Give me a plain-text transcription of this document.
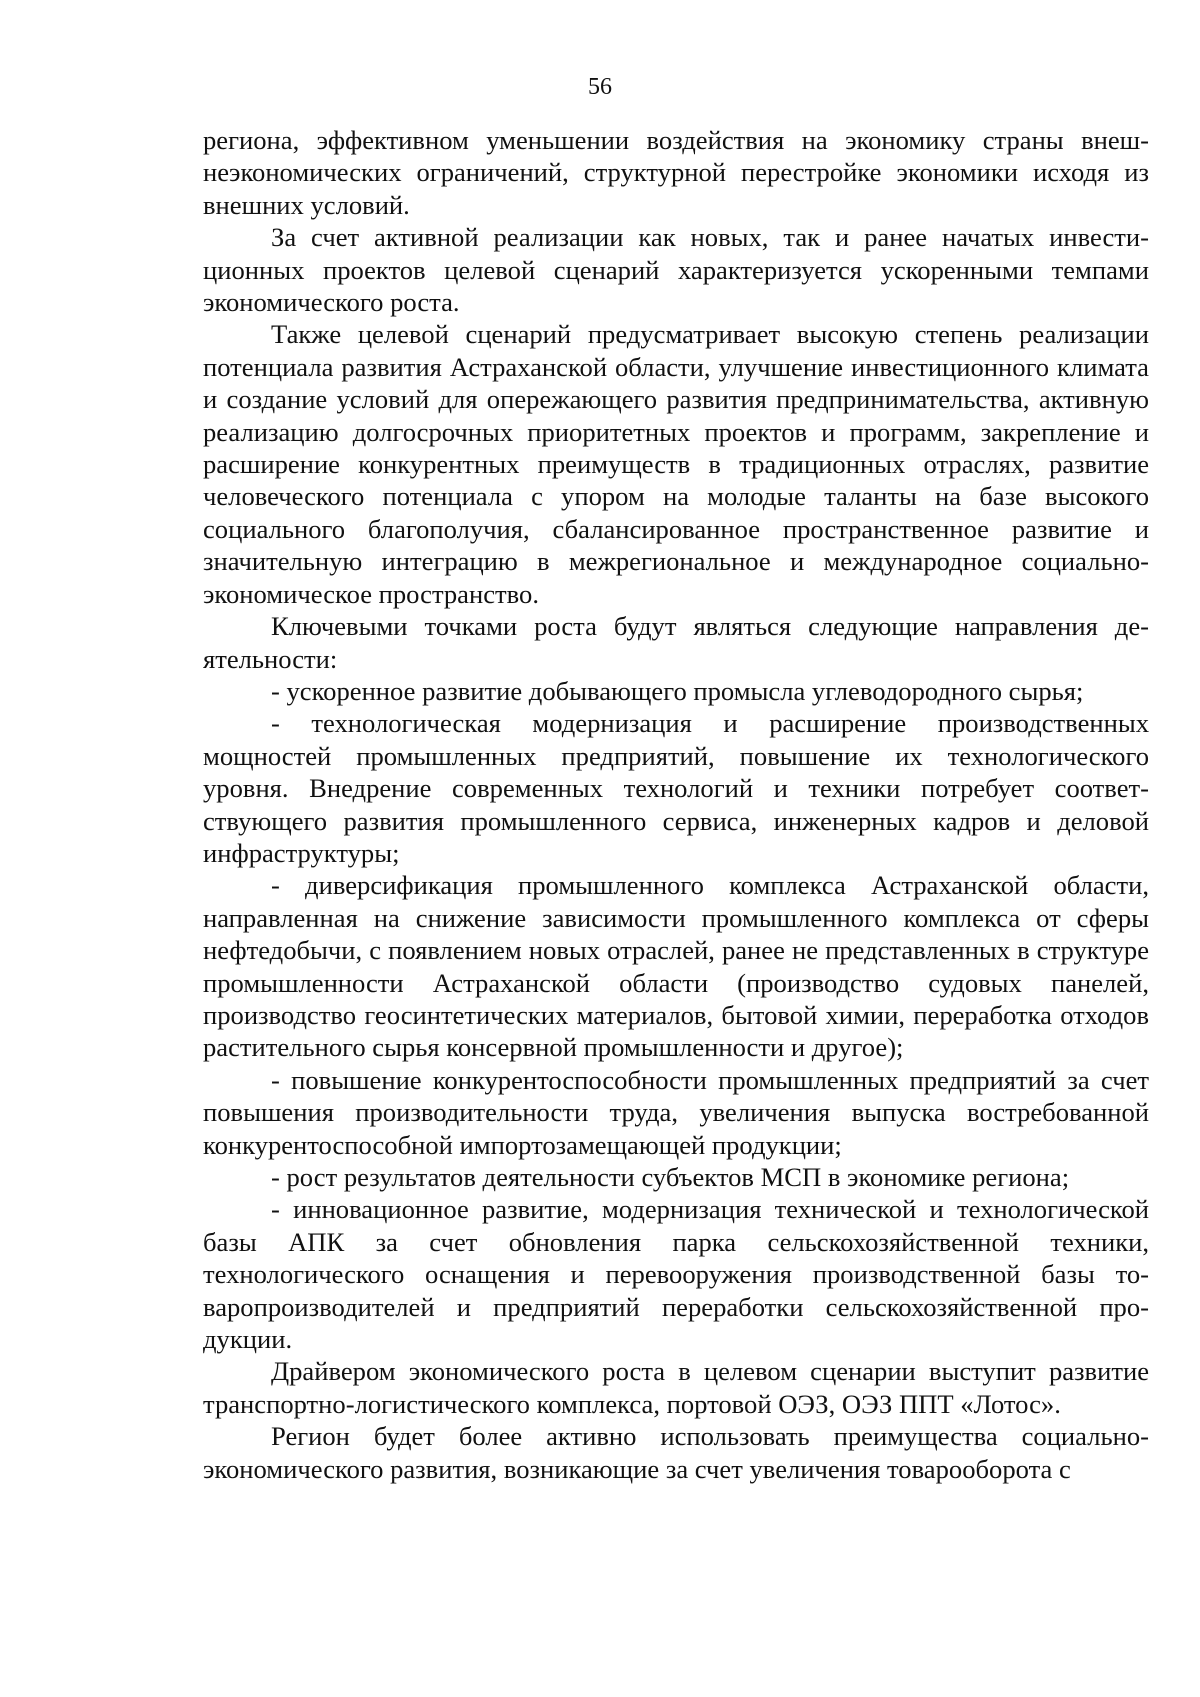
56

региона, эффективном уменьшении воздействия на экономику страны внешнеэкономических ограничений, структурной перестройке экономики исходя из внешних условий.

За счет активной реализации как новых, так и ранее начатых инвестиционных проектов целевой сценарий характеризуется ускоренными темпами экономического роста.

Также целевой сценарий предусматривает высокую степень реализации потенциала развития Астраханской области, улучшение инвестиционного климата и создание условий для опережающего развития предпринимательства, активную реализацию долгосрочных приоритетных проектов и программ, закрепление и расширение конкурентных преимуществ в традиционных отраслях, развитие человеческого потенциала с упором на молодые таланты на базе высокого социального благополучия, сбалансированное пространственное развитие и значительную интеграцию в межрегиональное и международное социально-экономическое пространство.

Ключевыми точками роста будут являться следующие направления деятельности:

- ускоренное развитие добывающего промысла углеводородного сырья;

- технологическая модернизация и расширение производственных мощностей промышленных предприятий, повышение их технологического уровня. Внедрение современных технологий и техники потребует соответствующего развития промышленного сервиса, инженерных кадров и деловой инфраструктуры;

- диверсификация промышленного комплекса Астраханской области, направленная на снижение зависимости промышленного комплекса от сферы нефтедобычи, с появлением новых отраслей, ранее не представленных в структуре промышленности Астраханской области (производство судовых панелей, производство геосинтетических материалов, бытовой химии, переработка отходов растительного сырья консервной промышленности и другое);

- повышение конкурентоспособности промышленных предприятий за счет повышения производительности труда, увеличения выпуска востребованной конкурентоспособной импортозамещающей продукции;

- рост результатов деятельности субъектов МСП в экономике региона;

- инновационное развитие, модернизация технической и технологической базы АПК за счет обновления парка сельскохозяйственной техники, технологического оснащения и перевооружения производственной базы товаропроизводителей и предприятий переработки сельскохозяйственной продукции.

Драйвером экономического роста в целевом сценарии выступит развитие транспортно-логистического комплекса, портовой ОЭЗ, ОЭЗ ППТ «Лотос».

Регион будет более активно использовать преимущества социально-экономического развития, возникающие за счет увеличения товарооборота с
